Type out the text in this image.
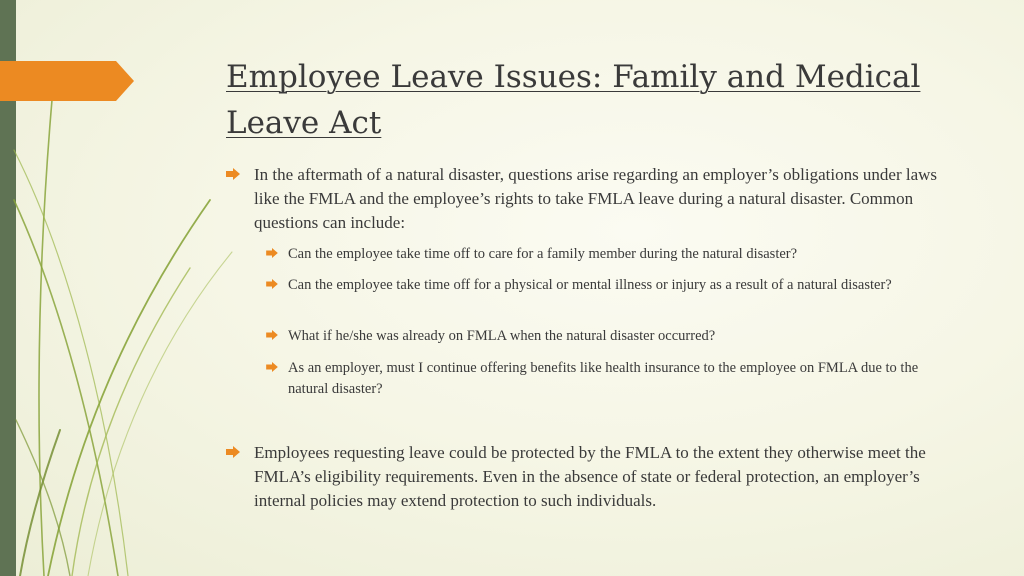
Employee Leave Issues: Family and Medical Leave Act
In the aftermath of a natural disaster, questions arise regarding an employer’s obligations under laws like the FMLA and the employee’s rights to take FMLA leave during a natural disaster. Common questions can include:
Can the employee take time off to care for a family member during the natural disaster?
Can the employee take time off for a physical or mental illness or injury as a result of a natural disaster?
What if he/she was already on FMLA when the natural disaster occurred?
As an employer, must I continue offering benefits like health insurance to the employee on FMLA due to the natural disaster?
Employees requesting leave could be protected by the FMLA to the extent they otherwise meet the FMLA’s eligibility requirements. Even in the absence of state or federal protection, an employer’s internal policies may extend protection to such individuals.
